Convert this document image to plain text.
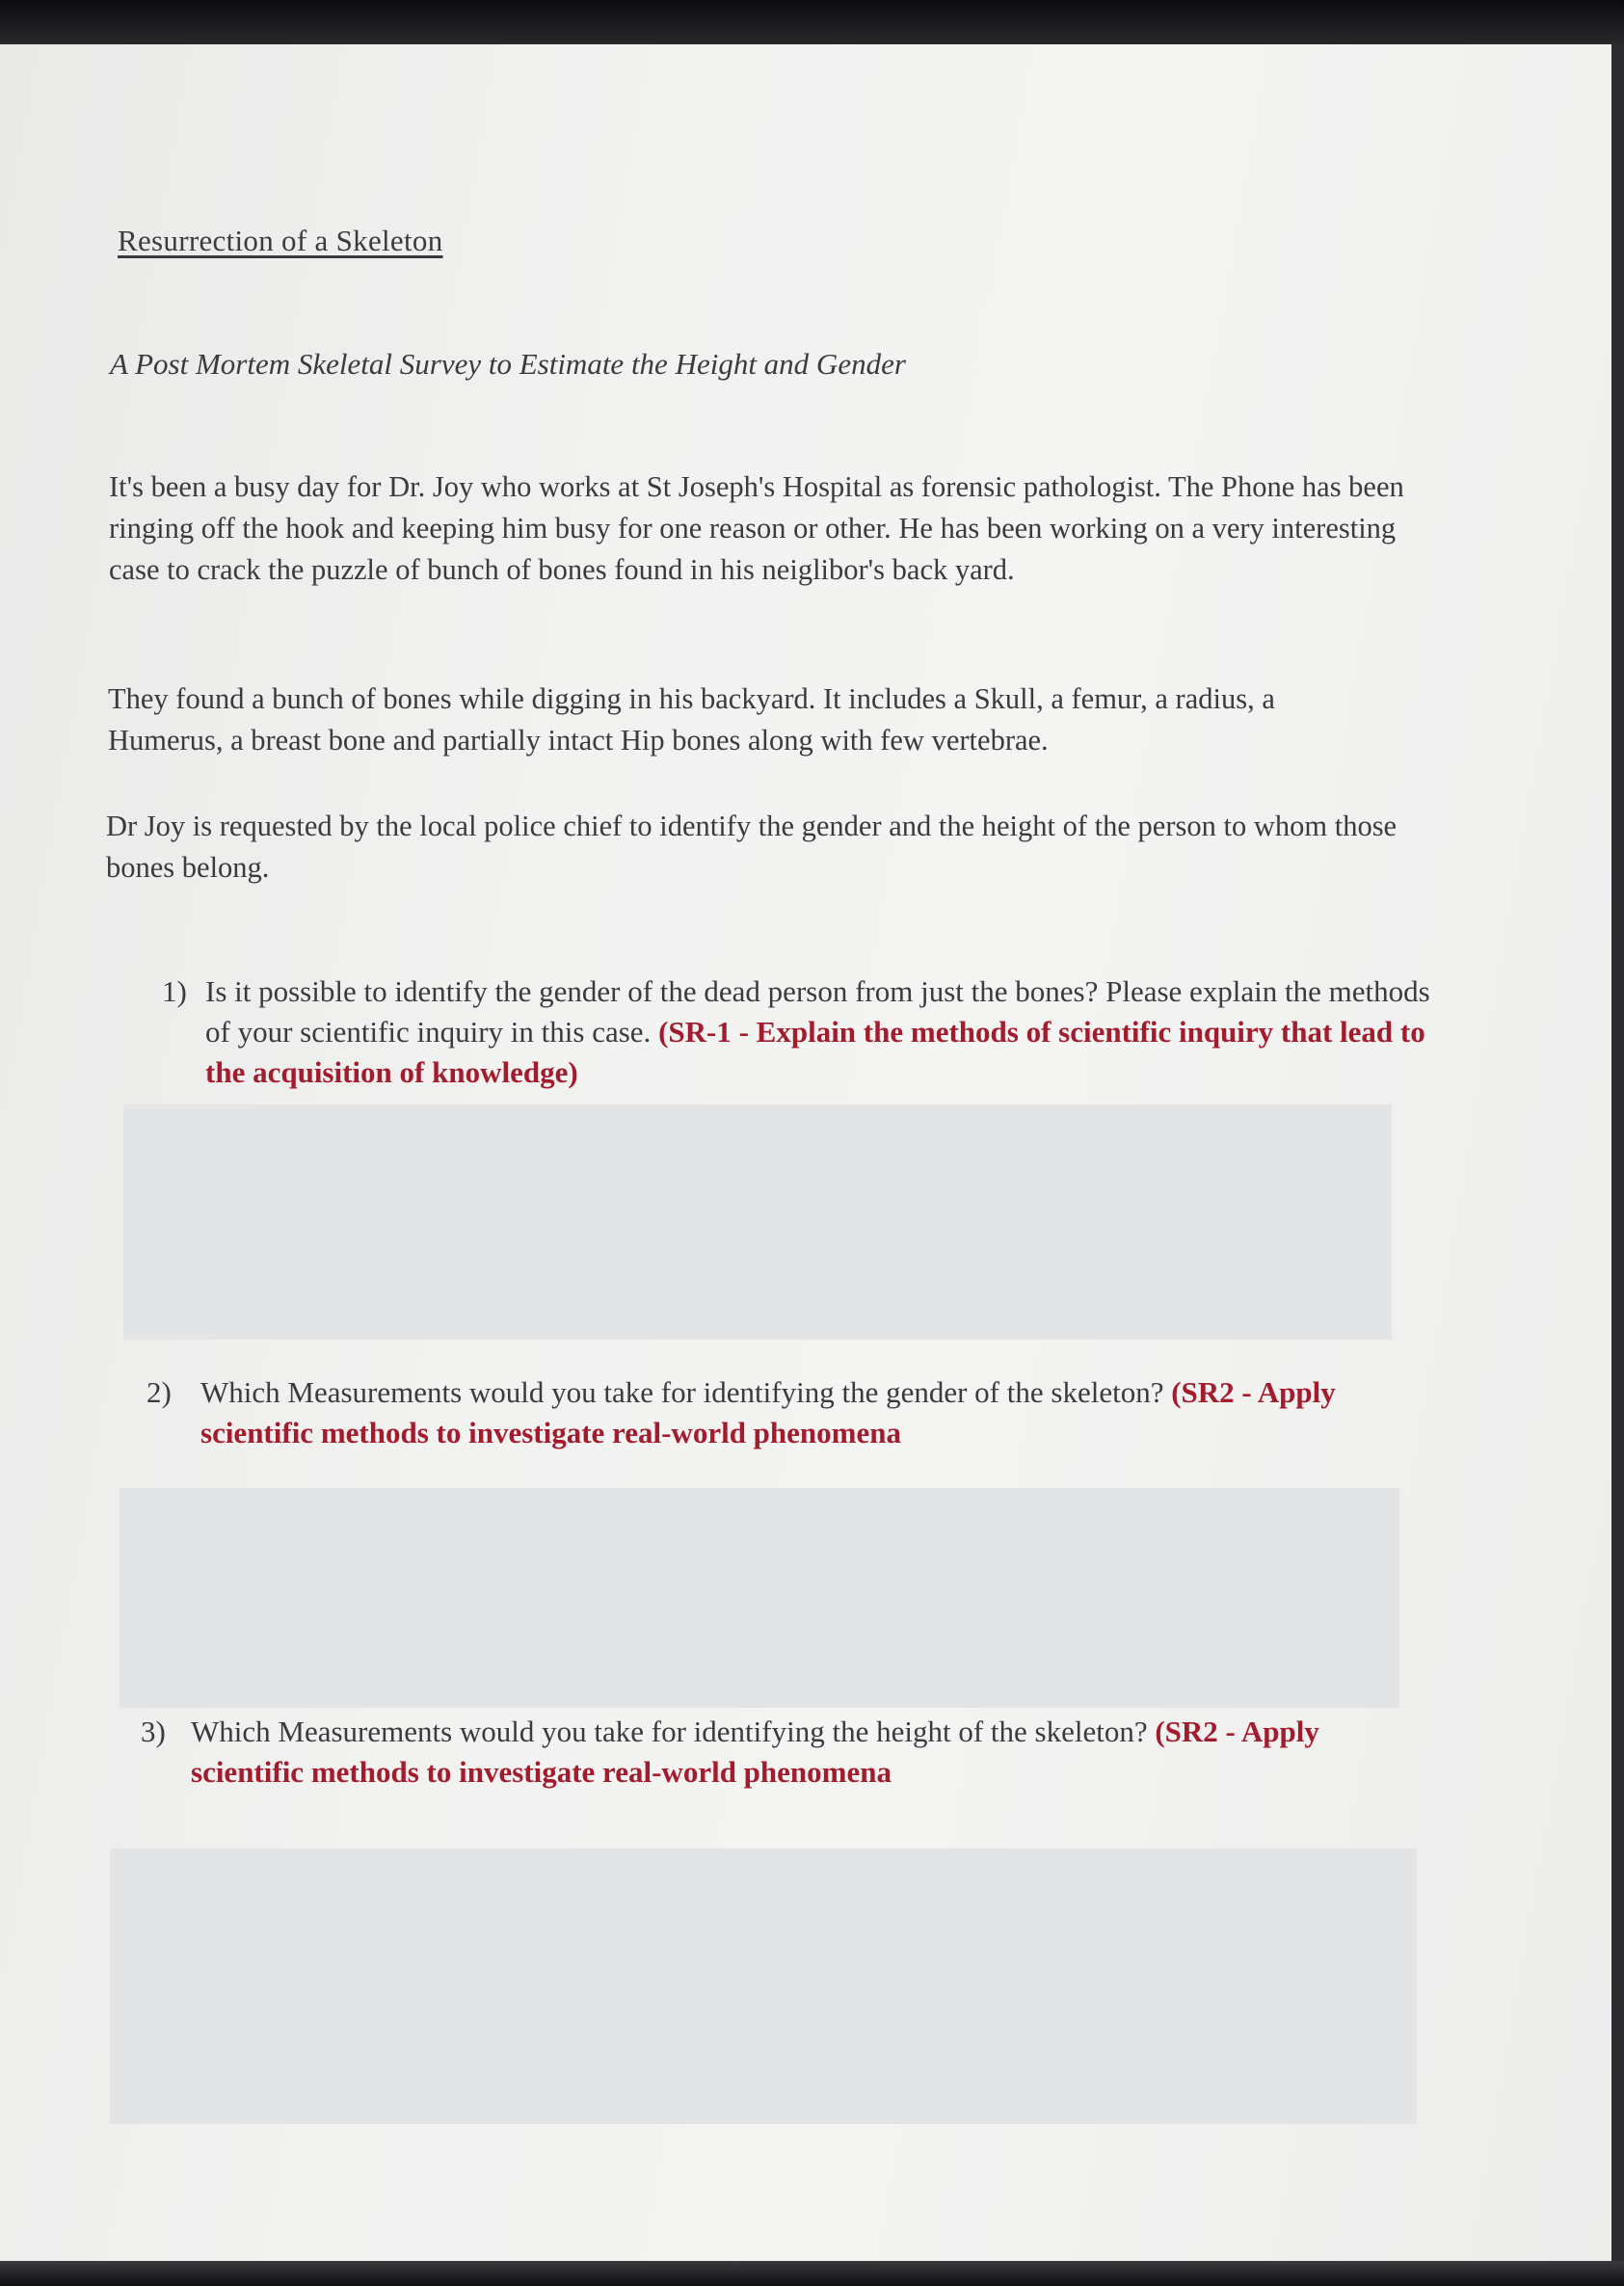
Resurrection of a Skeleton
A Post Mortem Skeletal Survey to Estimate the Height and Gender

It's been a busy day for Dr. Joy who works at St Joseph's Hospital as forensic pathologist. The Phone has been ringing off the hook and keeping him busy for one reason or other. He has been working on a very interesting case to crack the puzzle of bunch of bones found in his neiglibor's back yard.

They found a bunch of bones while digging in his backyard. It includes a Skull, a femur, a radius, a Humerus, a breast bone and partially intact Hip bones along with few vertebrae.

Dr Joy is requested by the local police chief to identify the gender and the height of the person to whom those bones belong.

1) Is it possible to identify the gender of the dead person from just the bones? Please explain the methods of your scientific inquiry in this case. (SR-1 - Explain the methods of scientific inquiry that lead to the acquisition of knowledge)
2) Which Measurements would you take for identifying the gender of the skeleton? (SR2 - Apply scientific methods to investigate real-world phenomena
3) Which Measurements would you take for identifying the height of the skeleton? (SR2 - Apply scientific methods to investigate real-world phenomena
